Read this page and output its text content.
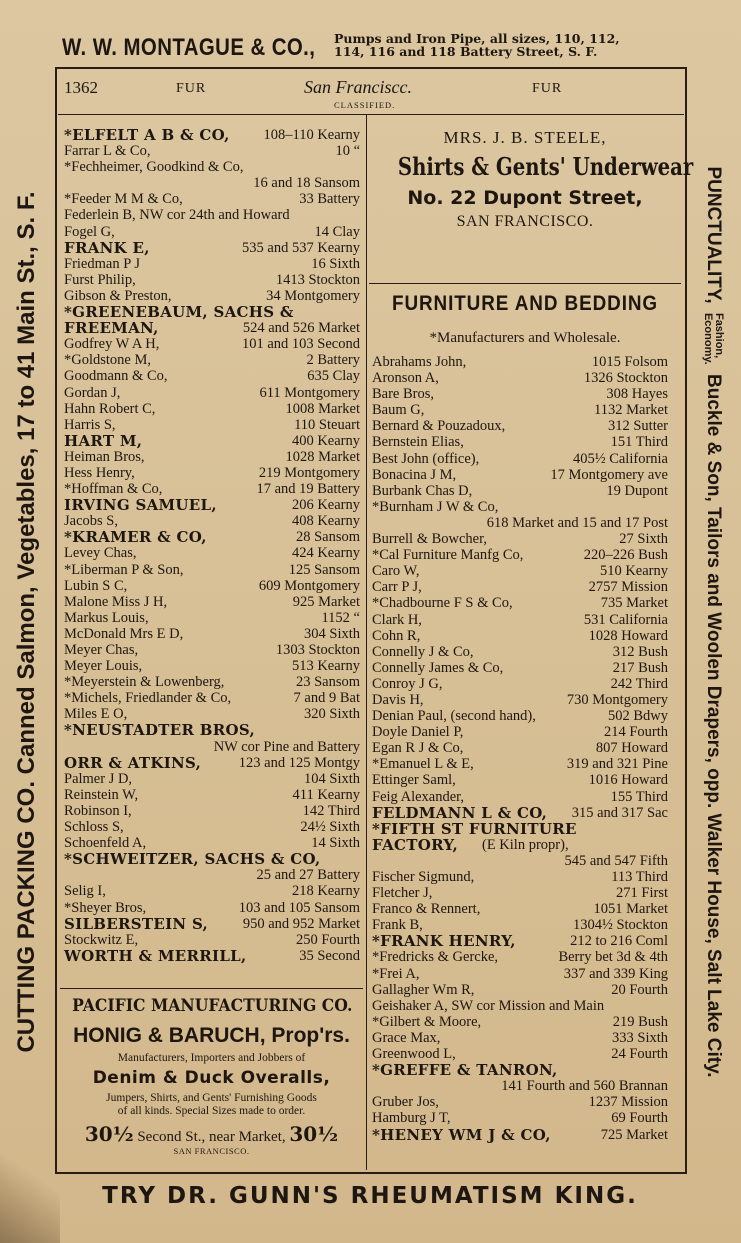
W. W. MONTAGUE & CO., Pumps and Iron Pipe, all sizes, 110, 112,
114, 116 and 118 Battery Street, S. F.
CUTTING PACKING CO. Canned Salmon, Vegetables, 17 to 41 Main St., S. F.	PUNCTUALITY, Fashion,
Economy. Buckle & Son, Tailors and Woolen Drapers, opp. Walker House, Salt Lake City.
1362	FUR	San Franciscc.	FUR
CLASSIFIED.
*ELFELT A B & CO, 108–110 Kearny
Farrar L & Co,	10 “
*Fechheimer, Goodkind & Co,
16 and 18 Sansom
*Feeder M M & Co,	33 Battery
Federlein B, NW cor 24th and Howard
Fogel G,	14 Clay
FRANK E,	535 and 537 Kearny
Friedman P J	16 Sixth
Furst Philip,	1413 Stockton
Gibson & Preston,	34 Montgomery
*GREENEBAUM, SACHS &
FREEMAN,	524 and 526 Market
Godfrey W A H,	101 and 103 Second
*Goldstone M,	2 Battery
Goodmann & Co,	635 Clay
Gordan J,	611 Montgomery
Hahn Robert C,	1008 Market
Harris S,	110 Steuart
HART M,	400 Kearny
Heiman Bros,	1028 Market
Hess Henry,	219 Montgomery
*Hoffman & Co,	17 and 19 Battery
IRVING SAMUEL,	206 Kearny
Jacobs S,	408 Kearny
*KRAMER & CO,	28 Sansom
Levey Chas,	424 Kearny
*Liberman P & Son,	125 Sansom
Lubin S C,	609 Montgomery
Malone Miss J H,	925 Market
Markus Louis,	1152 “
McDonald Mrs E D,	304 Sixth
Meyer Chas,	1303 Stockton
Meyer Louis,	513 Kearny
*Meyerstein & Lowenberg,	23 Sansom
*Michels, Friedlander & Co,	7 and 9 Bat
Miles E O,	320 Sixth
*NEUSTADTER BROS,
NW cor Pine and Battery
ORR & ATKINS,	123 and 125 Montgy
Palmer J D,	104 Sixth
Reinstein W,	411 Kearny
Robinson I,	142 Third
Schloss S,	24½ Sixth
Schoenfeld A,	14 Sixth
*SCHWEITZER, SACHS & CO,
25 and 27 Battery
Selig I,	218 Kearny
*Sheyer Bros,	103 and 105 Sansom
SILBERSTEIN S, 950 and 952 Market
Stockwitz E,	250 Fourth
WORTH & MERRILL,	35 Second
MRS. J. B. STEELE,
Shirts & Gents' Underwear
No. 22 Dupont Street,
SAN FRANCISCO.
FURNITURE AND BEDDING
*Manufacturers and Wholesale.
Abrahams John,	1015 Folsom
Aronson A,	1326 Stockton
Bare Bros,	308 Hayes
Baum G,	1132 Market
Bernard & Pouzadoux,	312 Sutter
Bernstein Elias,	151 Third
Best John (office),	405½ California
Bonacina J M,	17 Montgomery ave
Burbank Chas D,	19 Dupont
*Burnham J W & Co,
618 Market and 15 and 17 Post
Burrell & Bowcher,	27 Sixth
*Cal Furniture Manfg Co,	220–226 Bush
Caro W,	510 Kearny
Carr P J,	2757 Mission
*Chadbourne F S & Co,	735 Market
Clark H,	531 California
Cohn R,	1028 Howard
Connelly J & Co,	312 Bush
Connelly James & Co,	217 Bush
Conroy J G,	242 Third
Davis H,	730 Montgomery
Denian Paul, (second hand),	502 Bdwy
Doyle Daniel P,	214 Fourth
Egan R J & Co,	807 Howard
*Emanuel L & E,	319 and 321 Pine
Ettinger Saml,	1016 Howard
Feig Alexander,	155 Third
FELDMANN L & CO, 315 and 317 Sac
*FIFTH ST FURNITURE
FACTORY, (E Kiln propr),
545 and 547 Fifth
Fischer Sigmund,	113 Third
Fletcher J,	271 First
Franco & Rennert,	1051 Market
Frank B,	1304½ Stockton
*FRANK HENRY,	212 to 216 Coml
*Fredricks & Gercke,	Berry bet 3d & 4th
*Frei A,	337 and 339 King
Gallagher Wm R,	20 Fourth
Geishaker A, SW cor Mission and Main
*Gilbert & Moore,	219 Bush
Grace Max,	333 Sixth
Greenwood L,	24 Fourth
*GREFFE & TANRON,
141 Fourth and 560 Brannan
Gruber Jos,	1237 Mission
Hamburg J T,	69 Fourth
*HENEY WM J & CO,	725 Market
PACIFIC MANUFACTURING CO.
HONIG & BARUCH, Prop'rs.
Manufacturers, Importers and Jobbers of
Denim & Duck Overalls,
Jumpers, Shirts, and Gents' Furnishing Goods
of all kinds. Special Sizes made to order.
30½ Second St., near Market, 30½
SAN FRANCISCO.
TRY DR. GUNN'S RHEUMATISM KING.
